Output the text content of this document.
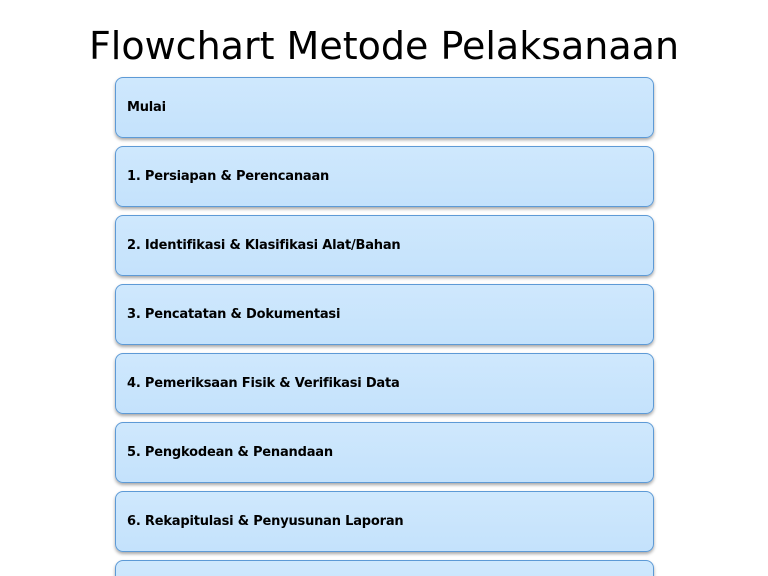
Flowchart Metode Pelaksanaan
Mulai
1. Persiapan & Perencanaan
2. Identifikasi & Klasifikasi Alat/Bahan
3. Pencatatan & Dokumentasi
4. Pemeriksaan Fisik & Verifikasi Data
5. Pengkodean & Penandaan
6. Rekapitulasi & Penyusunan Laporan
